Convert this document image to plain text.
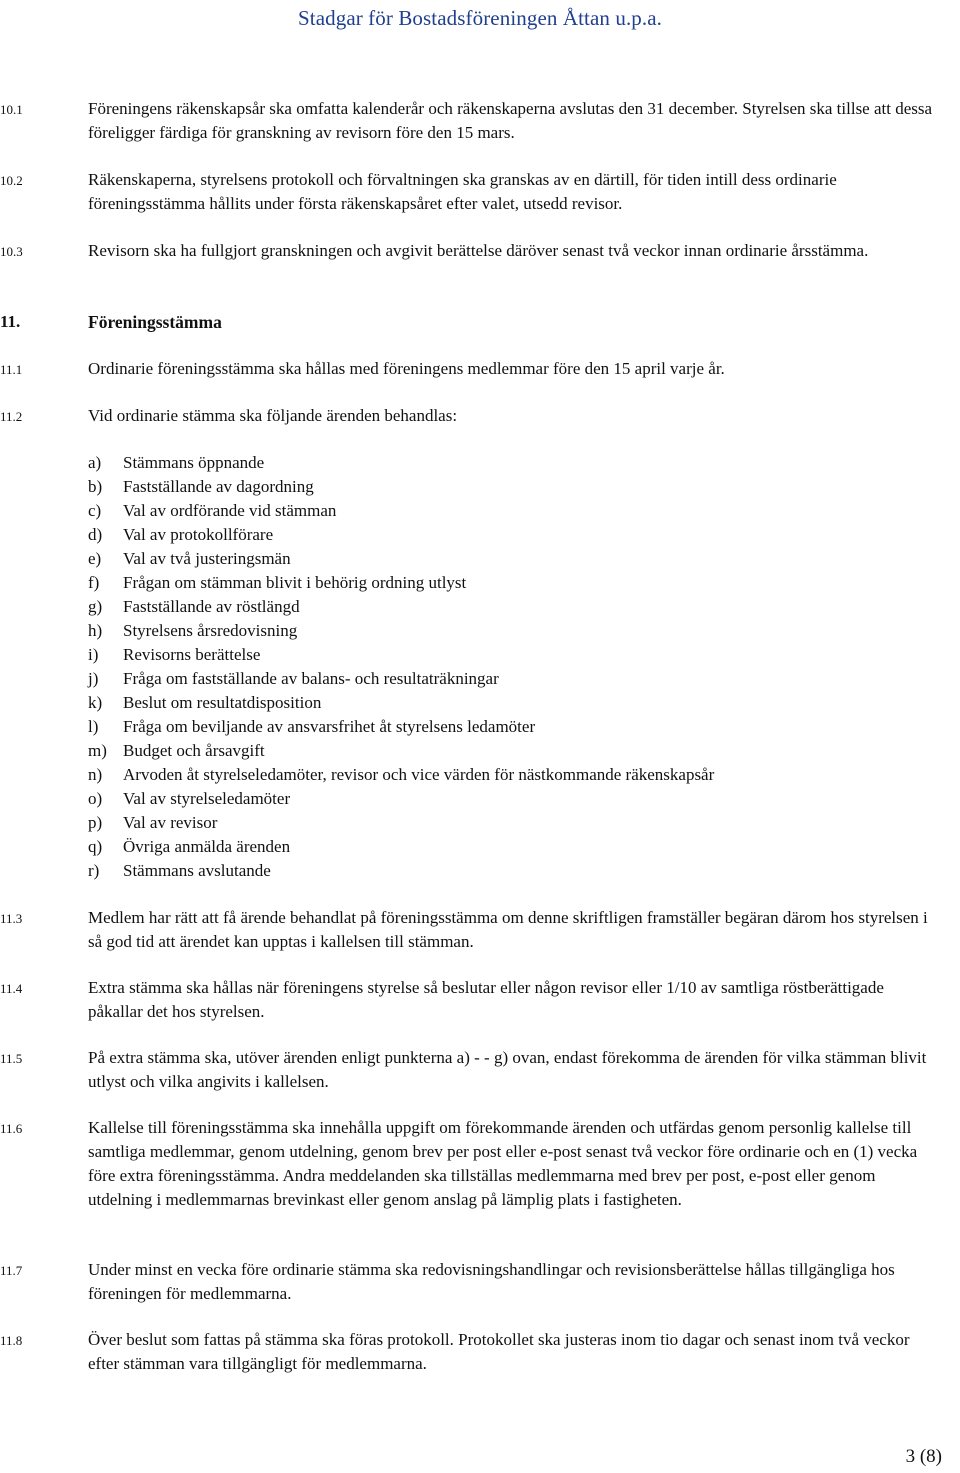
Stadgar för Bostadsföreningen Åttan u.p.a.
10.1	Föreningens räkenskapsår ska omfatta kalenderår och räkenskaperna avslutas den 31 december. Styrelsen ska tillse att dessa föreligger färdiga för granskning av revisorn före den 15 mars.
10.2	Räkenskaperna, styrelsens protokoll och förvaltningen ska granskas av en därtill, för tiden intill dess ordinarie föreningsstämma hållits under första räkenskapsåret efter valet, utsedd revisor.
10.3	Revisorn ska ha fullgjort granskningen och avgivit berättelse däröver senast två veckor innan ordinarie årsstämma.
11.	Föreningsstämma
11.1	Ordinarie föreningsstämma ska hållas med föreningens medlemmar före den 15 april varje år.
11.2	Vid ordinarie stämma ska följande ärenden behandlas:
a) Stämmans öppnande
b) Fastställande av dagordning
c) Val av ordförande vid stämman
d) Val av protokollförare
e) Val av två justeringsmän
f) Frågan om stämman blivit i behörig ordning utlyst
g) Fastställande av röstlängd
h) Styrelsens årsredovisning
i) Revisorns berättelse
j) Fråga om fastställande av balans- och resultaträkningar
k) Beslut om resultatdisposition
l) Fråga om beviljande av ansvarsfrihet åt styrelsens ledamöter
m) Budget och årsavgift
n) Arvoden åt styrelseledamöter, revisor och vice värden för nästkommande räkenskapsår
o) Val av styrelseledamöter
p) Val av revisor
q) Övriga anmälda ärenden
r) Stämmans avslutande
11.3	Medlem har rätt att få ärende behandlat på föreningsstämma om denne skriftligen framställer begäran därom hos styrelsen i så god tid att ärendet kan upptas i kallelsen till stämman.
11.4	Extra stämma ska hållas när föreningens styrelse så beslutar eller någon revisor eller 1/10 av samtliga röstberättigade påkallar det hos styrelsen.
11.5	På extra stämma ska, utöver ärenden enligt punkterna a) - - g) ovan, endast förekomma de ärenden för vilka stämman blivit utlyst och vilka angivits i kallelsen.
11.6	Kallelse till föreningsstämma ska innehålla uppgift om förekommande ärenden och utfärdas genom personlig kallelse till samtliga medlemmar, genom utdelning, genom brev per post eller e-post senast två veckor före ordinarie och en (1) vecka före extra föreningsstämma. Andra meddelanden ska tillställas medlemmarna med brev per post, e-post eller genom utdelning i medlemmarnas brevinkast eller genom anslag på lämplig plats i fastigheten.
11.7	Under minst en vecka före ordinarie stämma ska redovisningshandlingar och revisionsberättelse hållas tillgängliga hos föreningen för medlemmarna.
11.8	Över beslut som fattas på stämma ska föras protokoll. Protokollet ska justeras inom tio dagar och senast inom två veckor efter stämman vara tillgängligt för medlemmarna.
3 (8)
